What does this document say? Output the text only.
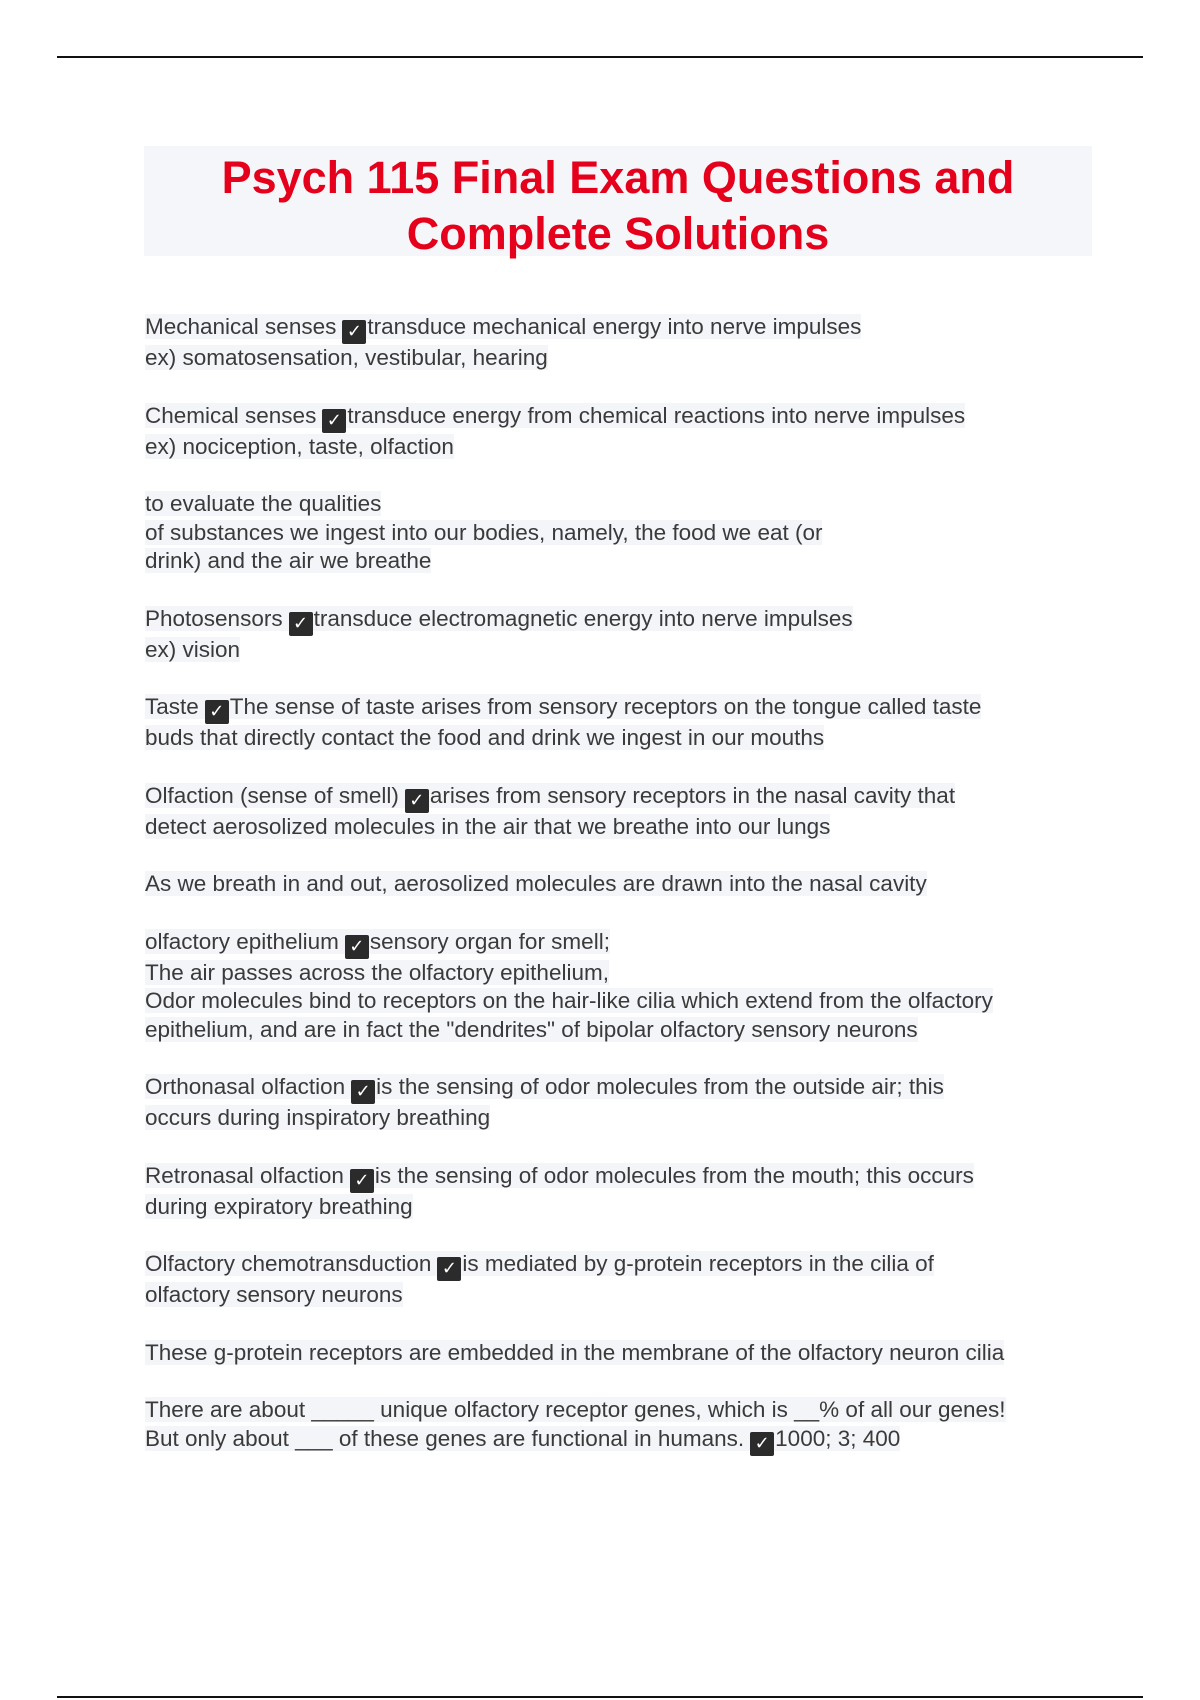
Psych 115 Final Exam Questions and
Complete Solutions

Mechanical senses ✓ transduce mechanical energy into nerve impulses
ex) somatosensation, vestibular, hearing

Chemical senses ✓ transduce energy from chemical reactions into nerve impulses
ex) nociception, taste, olfaction

to evaluate the qualities
of substances we ingest into our bodies, namely, the food we eat (or
drink) and the air we breathe

Photosensors ✓ transduce electromagnetic energy into nerve impulses
ex) vision

Taste ✓ The sense of taste arises from sensory receptors on the tongue called taste
buds that directly contact the food and drink we ingest in our mouths

Olfaction (sense of smell) ✓ arises from sensory receptors in the nasal cavity that
detect aerosolized molecules in the air that we breathe into our lungs

As we breath in and out, aerosolized molecules are drawn into the nasal cavity

olfactory epithelium ✓ sensory organ for smell;
The air passes across the olfactory epithelium,
Odor molecules bind to receptors on the hair-like cilia which extend from the olfactory
epithelium, and are in fact the "dendrites" of bipolar olfactory sensory neurons

Orthonasal olfaction ✓ is the sensing of odor molecules from the outside air; this
occurs during inspiratory breathing

Retronasal olfaction ✓ is the sensing of odor molecules from the mouth; this occurs
during expiratory breathing

Olfactory chemotransduction ✓ is mediated by g-protein receptors in the cilia of
olfactory sensory neurons

These g-protein receptors are embedded in the membrane of the olfactory neuron cilia

There are about _____ unique olfactory receptor genes, which is __% of all our genes!
But only about ___ of these genes are functional in humans. ✓ 1000; 3; 400
